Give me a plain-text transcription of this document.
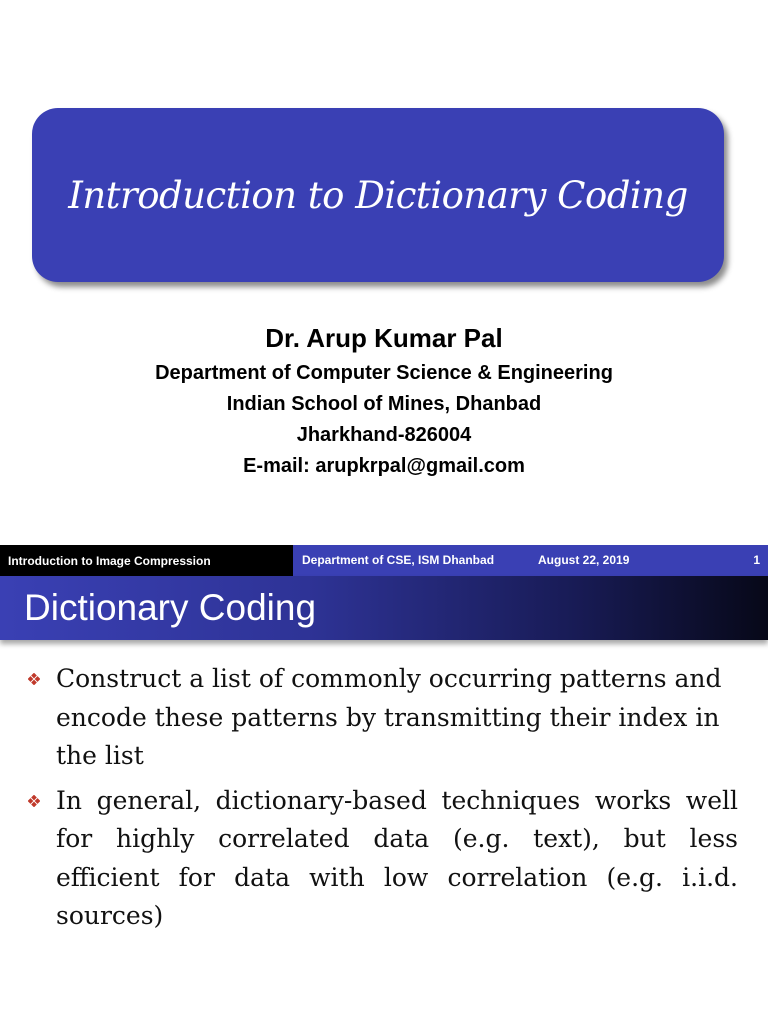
Introduction to Dictionary Coding
Dr. Arup Kumar Pal
Department of Computer Science & Engineering
Indian School of Mines, Dhanbad
Jharkhand-826004
E-mail: arupkrpal@gmail.com
Introduction to Image Compression	Department of CSE, ISM Dhanbad	August 22, 2019	1
Dictionary Coding
Construct a list of commonly occurring patterns and encode these patterns by transmitting their index in the list
In general, dictionary-based techniques works well for highly correlated data (e.g. text), but less efficient for data with low correlation (e.g. i.i.d. sources)
